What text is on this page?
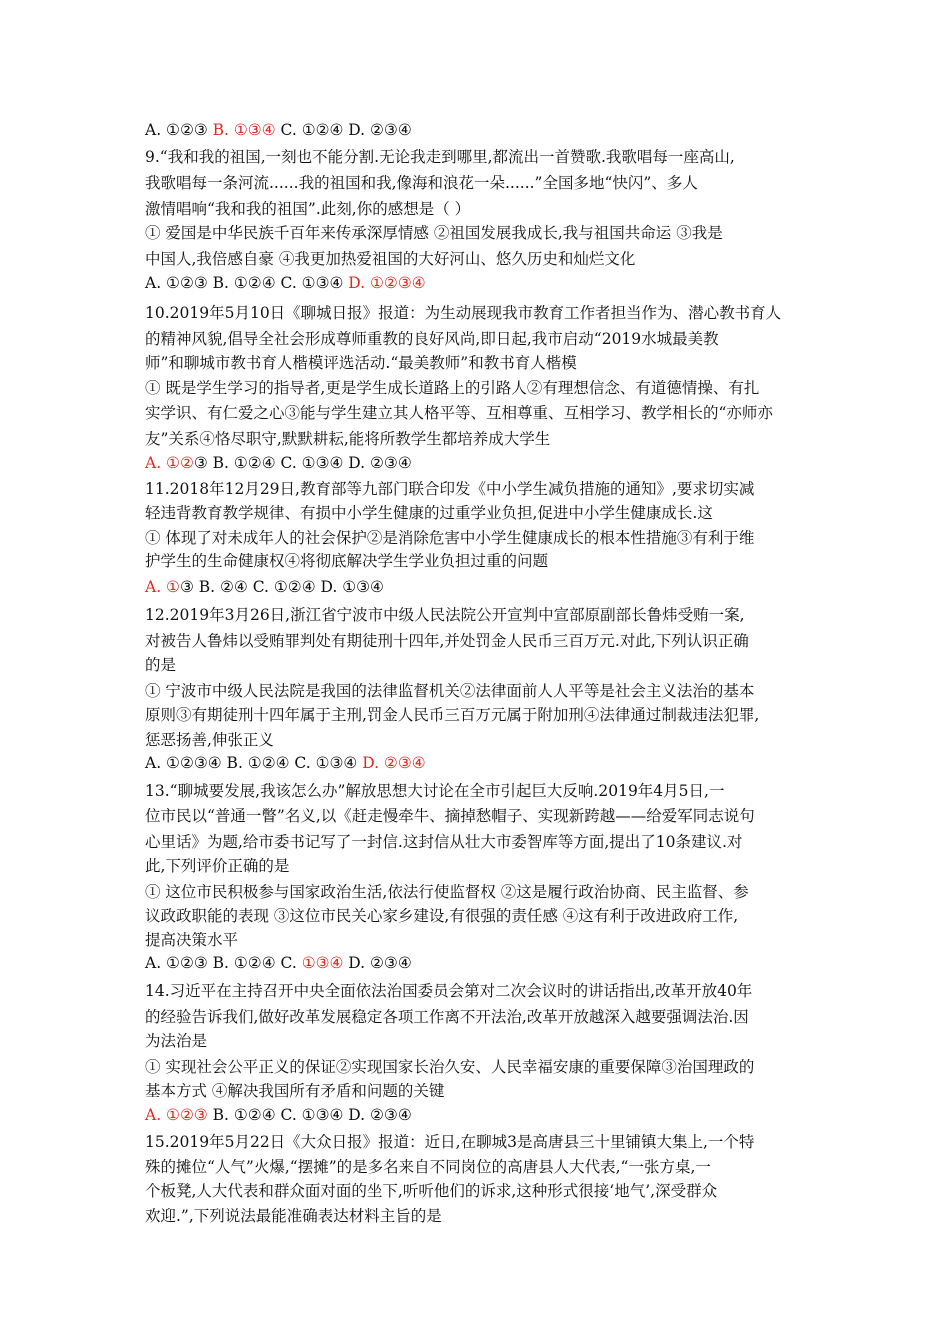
A. ①②③ B. ①③④ C. ①②④ D. ②③④
9.“我和我的祖国,一刻也不能分割.无论我走到哪里,都流出一首赞歌.我歌唱每一座高山,
我歌唱每一条河流......我的祖国和我,像海和浪花一朵......”全国多地“快闪”、多人
激情唱响“我和我的祖国”.此刻,你的感想是（ ）
① 爱国是中华民族千百年来传承深厚情感 ②祖国发展我成长,我与祖国共命运 ③我是
中国人,我倍感自豪 ④我更加热爱祖国的大好河山、悠久历史和灿烂文化
A. ①②③ B. ①②④ C. ①③④ D. ①②③④
10.2019年5月10日《聊城日报》报道：为生动展现我市教育工作者担当作为、潜心教书育人
的精神风貌,倡导全社会形成尊师重教的良好风尚,即日起,我市启动“2019水城最美教
师”和聊城市教书育人楷模评选活动.“最美教师”和教书育人楷模
① 既是学生学习的指导者,更是学生成长道路上的引路人②有理想信念、有道德情操、有扎
实学识、有仁爱之心③能与学生建立其人格平等、互相尊重、互相学习、教学相长的“亦师亦
友”关系④恪尽职守,默默耕耘,能将所教学生都培养成大学生
A. ①②③ B. ①②④ C. ①③④ D. ②③④
11.2018年12月29日,教育部等九部门联合印发《中小学生减负措施的通知》,要求切实减
轻违背教育教学规律、有损中小学生健康的过重学业负担,促进中小学生健康成长.这
① 体现了对未成年人的社会保护②是消除危害中小学生健康成长的根本性措施③有利于维
护学生的生命健康权④将彻底解决学生学业负担过重的问题
A. ①③ B. ②④ C. ①②④ D. ①③④
12.2019年3月26日,浙江省宁波市中级人民法院公开宣判中宣部原副部长鲁炜受贿一案,
对被告人鲁炜以受贿罪判处有期徒刑十四年,并处罚金人民币三百万元.对此,下列认识正确
的是
① 宁波市中级人民法院是我国的法律监督机关②法律面前人人平等是社会主义法治的基本
原则③有期徒刑十四年属于主刑,罚金人民币三百万元属于附加刑④法律通过制裁违法犯罪,
惩恶扬善,伸张正义
A. ①②③④ B. ①②④ C. ①③④ D. ②③④
13.“聊城要发展,我该怎么办”解放思想大讨论在全市引起巨大反响.2019年4月5日,一
位市民以“普通一瞥”名义,以《赶走慢牵牛、摘掉愁帽子、实现新跨越——给爱军同志说句
心里话》为题,给市委书记写了一封信.这封信从壮大市委智库等方面,提出了10条建议.对
此,下列评价正确的是
① 这位市民积极参与国家政治生活,依法行使监督权 ②这是履行政治协商、民主监督、参
议政政职能的表现 ③这位市民关心家乡建设,有很强的责任感 ④这有利于改进政府工作,
提高决策水平
A. ①②③ B. ①②④ C. ①③④ D. ②③④
14.习近平在主持召开中央全面依法治国委员会第对二次会议时的讲话指出,改革开放40年
的经验告诉我们,做好改革发展稳定各项工作离不开法治,改革开放越深入越要强调法治.因
为法治是
① 实现社会公平正义的保证②实现国家长治久安、人民幸福安康的重要保障③治国理政的
基本方式 ④解决我国所有矛盾和问题的关键
A. ①②③ B. ①②④ C. ①③④ D. ②③④
15.2019年5月22日《大众日报》报道：近日,在聊城3是高唐县三十里铺镇大集上,一个特
殊的摊位“人气”火爆,“摆摊”的是多名来自不同岗位的高唐县人大代表,“一张方桌,一
个板凳,人大代表和群众面对面的坐下,听听他们的诉求,这种形式很接‘地气’,深受群众
欢迎.”,下列说法最能准确表达材料主旨的是
